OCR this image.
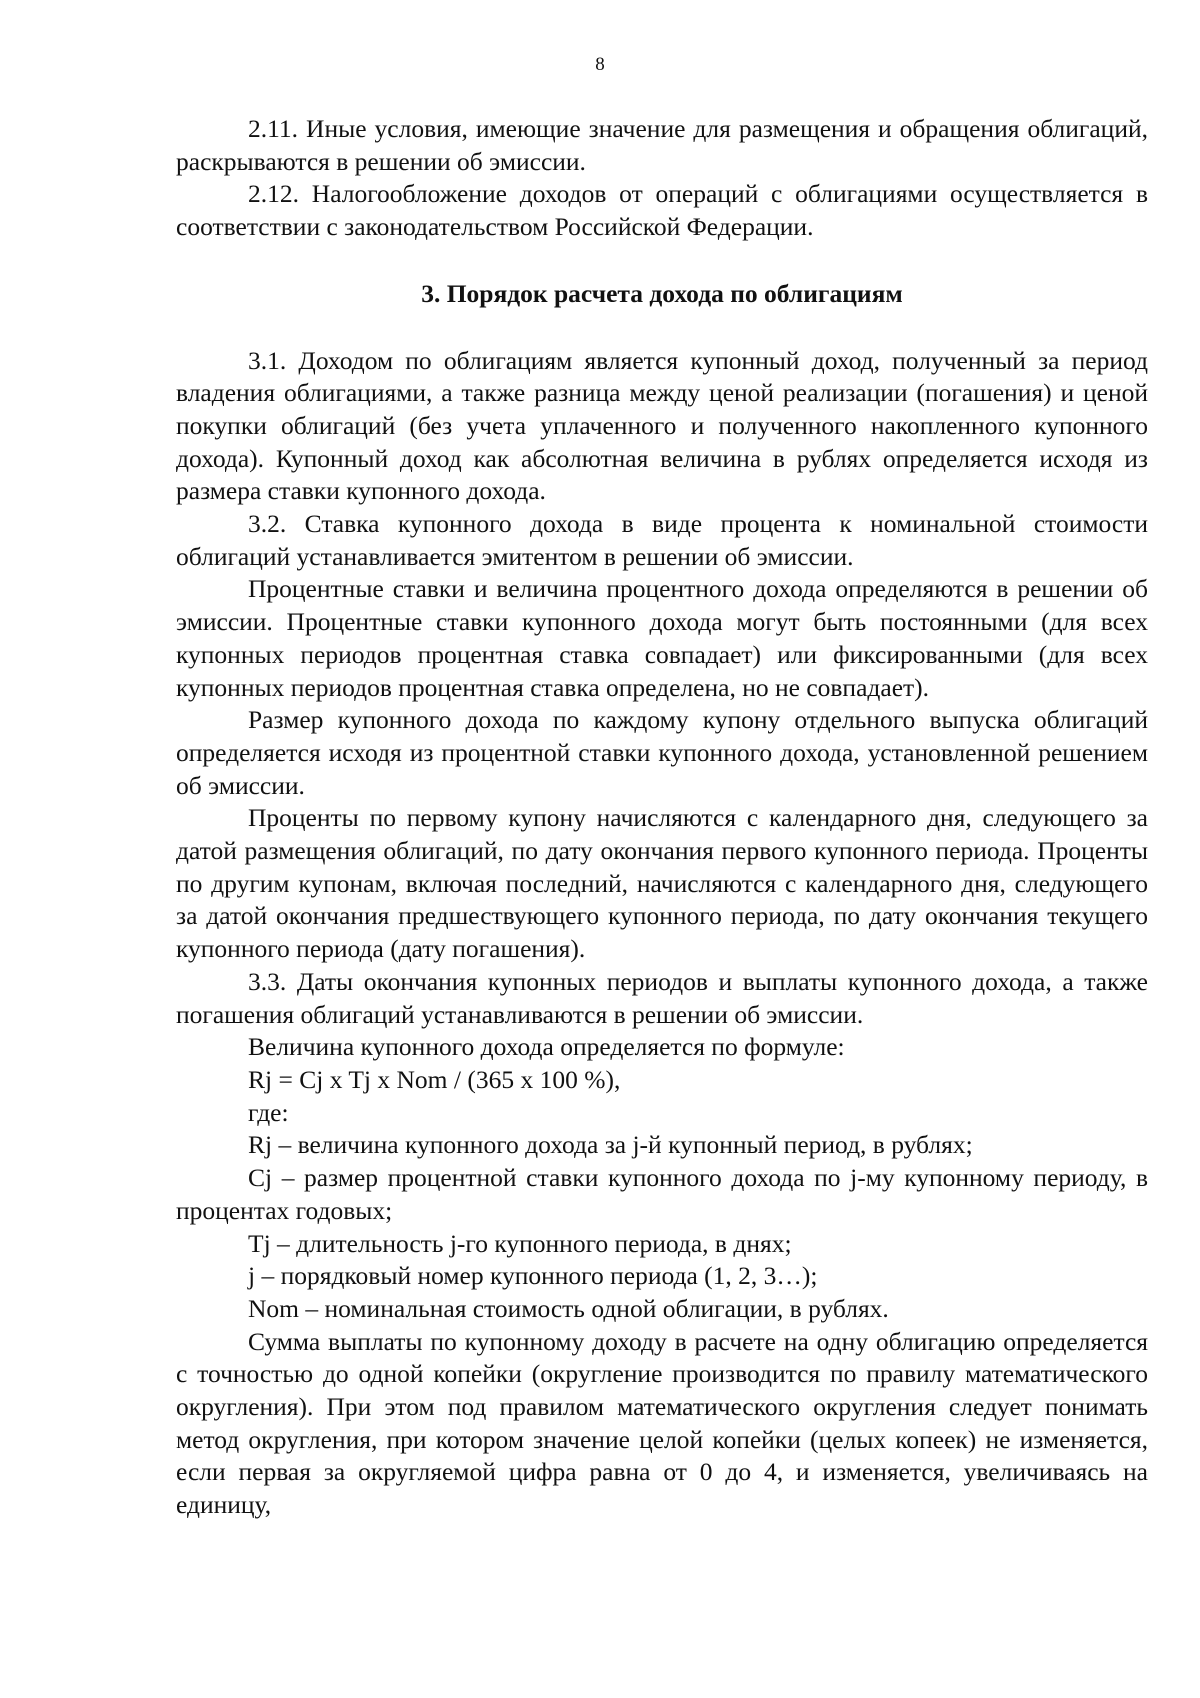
8

2.11. Иные условия, имеющие значение для размещения и обращения облигаций, раскрываются в решении об эмиссии.

2.12. Налогообложение доходов от операций с облигациями осуществляется в соответствии с законодательством Российской Федерации.

3. Порядок расчета дохода по облигациям

3.1. Доходом по облигациям является купонный доход, полученный за период владения облигациями, а также разница между ценой реализации (погашения) и ценой покупки облигаций (без учета уплаченного и полученного накопленного купонного дохода). Купонный доход как абсолютная величина в рублях определяется исходя из размера ставки купонного дохода.

3.2. Ставка купонного дохода в виде процента к номинальной стоимости облигаций устанавливается эмитентом в решении об эмиссии.

Процентные ставки и величина процентного дохода определяются в решении об эмиссии. Процентные ставки купонного дохода могут быть постоянными (для всех купонных периодов процентная ставка совпадает) или фиксированными (для всех купонных периодов процентная ставка определена, но не совпадает).

Размер купонного дохода по каждому купону отдельного выпуска облигаций определяется исходя из процентной ставки купонного дохода, установленной решением об эмиссии.

Проценты по первому купону начисляются с календарного дня, следующего за датой размещения облигаций, по дату окончания первого купонного периода. Проценты по другим купонам, включая последний, начисляются с календарного дня, следующего за датой окончания предшествующего купонного периода, по дату окончания текущего купонного периода (дату погашения).

3.3. Даты окончания купонных периодов и выплаты купонного дохода, а также погашения облигаций устанавливаются в решении об эмиссии.

Величина купонного дохода определяется по формуле:

Rj = Cj x Tj x Nom / (365 x 100 %),

где:

Rj – величина купонного дохода за j-й купонный период, в рублях;

Cj – размер процентной ставки купонного дохода по j-му купонному периоду, в процентах годовых;

Tj – длительность j-го купонного периода, в днях;

j – порядковый номер купонного периода (1, 2, 3…);

Nom – номинальная стоимость одной облигации, в рублях.

Сумма выплаты по купонному доходу в расчете на одну облигацию определяется с точностью до одной копейки (округление производится по правилу математического округления). При этом под правилом математического округления следует понимать метод округления, при котором значение целой копейки (целых копеек) не изменяется, если первая за округляемой цифра равна от 0 до 4, и изменяется, увеличиваясь на единицу,
